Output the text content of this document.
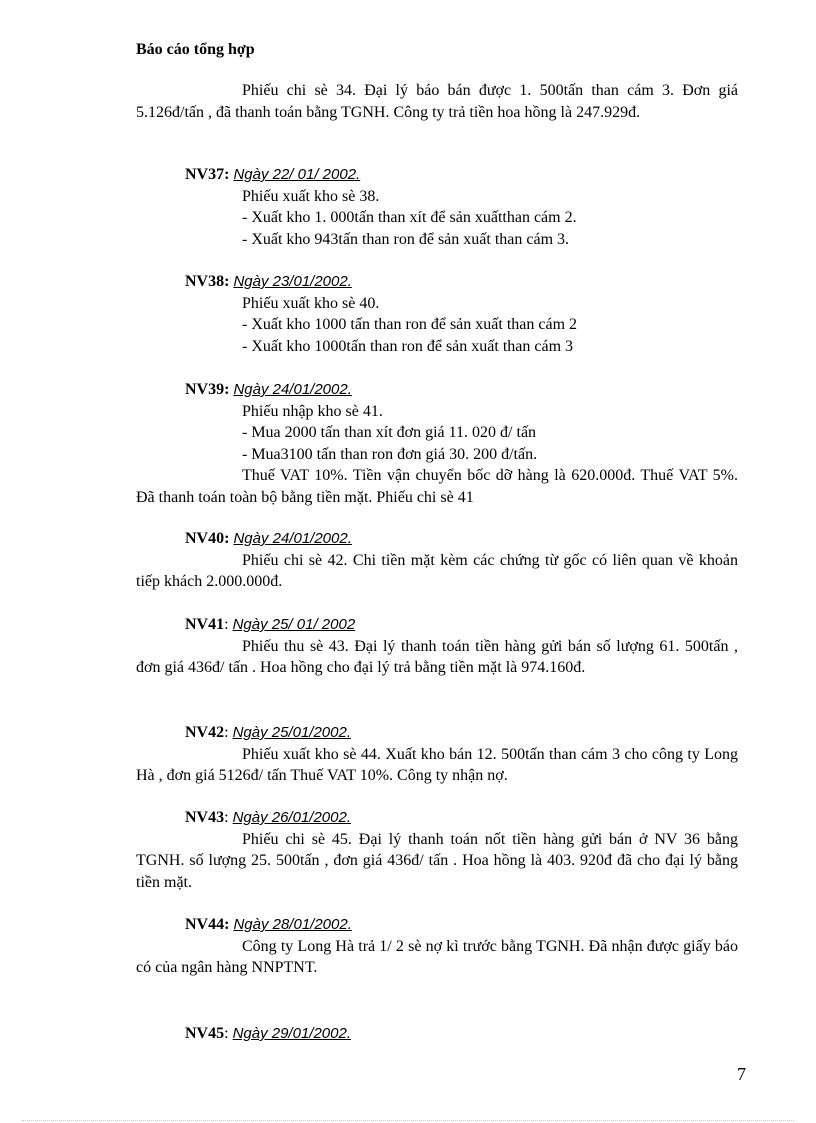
Báo cáo tổng hợp

Phiếu chi sè 34. Đại lý báo bán được 1. 500tấn than cám 3. Đơn giá 5.126đ/tấn , đã thanh toán bằng TGNH. Công ty trả tiền hoa hồng là 247.929đ.

NV37: Ngày 22/ 01/ 2002.

Phiếu xuất kho sè 38.

- Xuất kho 1. 000tấn than xít để sản xuấtthan cám 2.

- Xuất kho 943tấn than ron để sản xuất than cám 3.

NV38: Ngày 23/01/2002.

Phiếu xuất kho sè 40.

- Xuất kho 1000 tấn than ron để sản xuất than cám 2

- Xuất kho 1000tấn than ron để sản xuất than cám 3

NV39: Ngày 24/01/2002.

Phiếu nhập kho sè 41.

- Mua 2000 tấn than xít đơn giá 11. 020 đ/ tấn

- Mua3100 tấn than ron đơn giá 30. 200 đ/tấn.

Thuế VAT 10%. Tiền vận chuyển bốc dỡ hàng là 620.000đ. Thuế VAT 5%. Đã thanh toán toàn bộ bằng tiền mặt. Phiếu chi sè 41

NV40: Ngày 24/01/2002.

Phiếu chi sè 42. Chi tiền mặt kèm các chứng từ gốc có liên quan về khoản tiếp khách 2.000.000đ.

NV41: Ngày 25/ 01/ 2002

Phiếu thu sè 43. Đại lý thanh toán tiền hàng gửi bán số lượng 61. 500tấn , đơn giá 436đ/ tấn . Hoa hồng cho đại lý trả bằng tiền mặt là 974.160đ.

NV42: Ngày 25/01/2002.

Phiếu xuất kho sè 44. Xuất kho bán 12. 500tấn than cám 3 cho công ty Long Hà , đơn giá 5126đ/ tấn Thuế VAT 10%. Công ty nhận nợ.

NV43: Ngày 26/01/2002.

Phiếu chi sè 45. Đại lý thanh toán nốt tiền hàng gửi bán ở NV 36 bằng TGNH. số lượng 25. 500tấn , đơn giá 436đ/ tấn . Hoa hồng là 403. 920đ đã cho đại lý bằng tiền mặt.

NV44: Ngày 28/01/2002.

Công ty Long Hà trả 1/ 2 sè nợ kì trước bằng TGNH. Đã nhận được giấy báo có của ngân hàng NNPTNT.

NV45: Ngày 29/01/2002.

7
